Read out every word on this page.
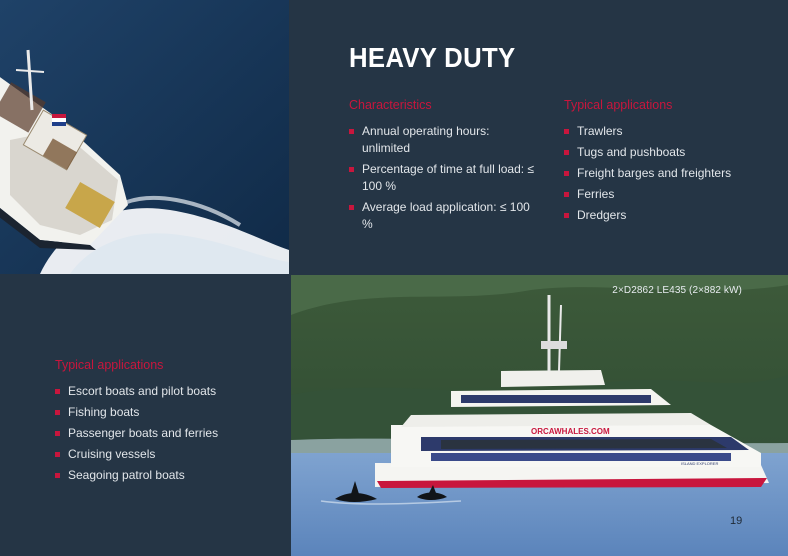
HEAVY DUTY
Characteristics
Annual operating hours: unlimited
Percentage of time at full load: ≤ 100 %
Average load application: ≤ 100 %
Typical applications
Trawlers
Tugs and pushboats
Freight barges and freighters
Ferries
Dredgers
Typical applications
Escort boats and pilot boats
Fishing boats
Passenger boats and ferries
Cruising vessels
Seagoing patrol boats
ORCAWHALES.COM
ISLAND EXPLORER
2×D2862 LE435 (2×882 kW)
19
